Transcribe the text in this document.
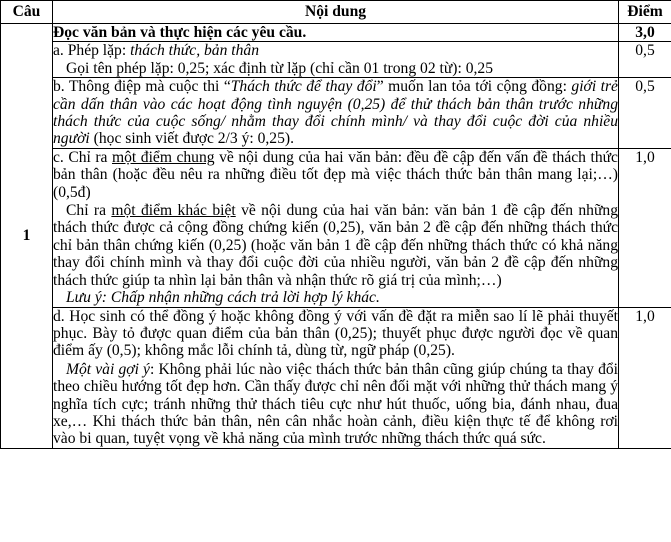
Câu	Nội dung	Điểm
1	Đọc văn bản và thực hiện các yêu cầu.	3,0

	a. Phép lặp: thách thức, bản thân

Gọi tên phép lặp: 0,25; xác định từ lặp (chỉ cần 01 trong 02 từ): 0,25	0,5

	b. Thông điệp mà cuộc thi “Thách thức để thay đổi” muốn lan tỏa tới cộng đồng: giới trẻ cần dấn thân vào các hoạt động tình nguyện (0,25) để thử thách bản thân trước những thách thức của cuộc sống/ nhằm thay đổi chính mình/ và thay đổi cuộc đời của nhiều người (học sinh viết được 2/3 ý: 0,25).	0,5

	c. Chỉ ra một điểm chung về nội dung của hai văn bản: đều đề cập đến vấn đề thách thức bản thân (hoặc đều nêu ra những điều tốt đẹp mà việc thách thức bản thân mang lại;…) (0,5đ)

Chỉ ra một điểm khác biệt về nội dung của hai văn bản: văn bản 1 đề cập đến những thách thức được cả cộng đồng chứng kiến (0,25), văn bản 2 đề cập đến những thách thức chỉ bản thân chứng kiến (0,25) (hoặc văn bản 1 đề cập đến những thách thức có khả năng thay đổi chính mình và thay đổi cuộc đời của nhiều người, văn bản 2 đề cập đến những thách thức giúp ta nhìn lại bản thân và nhận thức rõ giá trị của mình;…)

Lưu ý: Chấp nhận những cách trả lời hợp lý khác.	1,0

	d. Học sinh có thể đồng ý hoặc không đồng ý với vấn đề đặt ra miễn sao lí lẽ phải thuyết phục. Bày tỏ được quan điểm của bản thân (0,25); thuyết phục được người đọc về quan điểm ấy (0,5); không mắc lỗi chính tả, dùng từ, ngữ pháp (0,25).

Một vài gợi ý: Không phải lúc nào việc thách thức bản thân cũng giúp chúng ta thay đổi theo chiều hướng tốt đẹp hơn. Cần thấy được chỉ nên đối mặt với những thử thách mang ý nghĩa tích cực; tránh những thử thách tiêu cực như hút thuốc, uống bia, đánh nhau, đua xe,… Khi thách thức bản thân, nên cân nhắc hoàn cảnh, điều kiện thực tế để không rơi vào bi quan, tuyệt vọng về khả năng của mình trước những thách thức quá sức.	1,0
